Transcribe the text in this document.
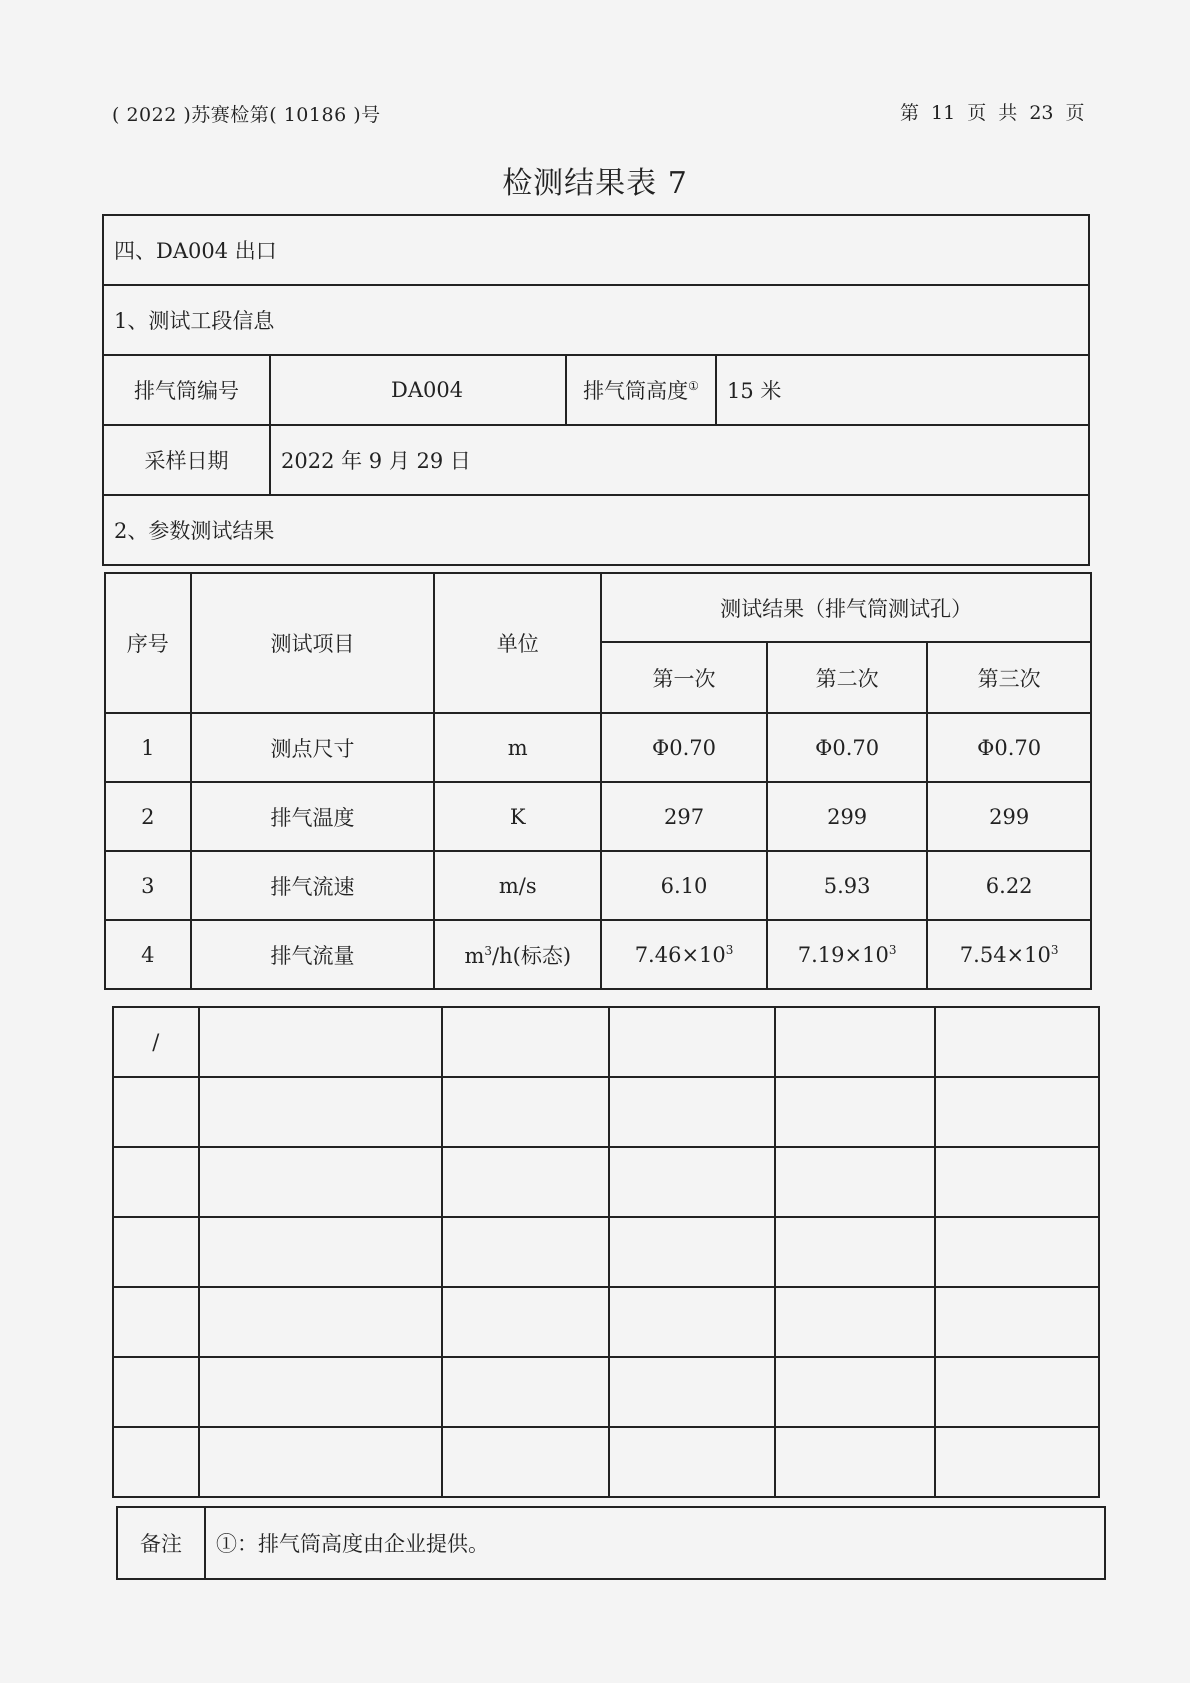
( 2022 )苏赛检第( 10186 )号	第 11 页 共 23 页
检测结果表 7
四、DA004 出口			
1、测试工段信息			
排气筒编号	DA004	排气筒高度①	15 米
采样日期	2022 年 9 月 29 日		
2、参数测试结果			
序号	测试项目	单位	测试结果（排气筒测试孔）		
			第一次	第二次	第三次
1	测点尺寸	m	Φ0.70	Φ0.70	Φ0.70
2	排气温度	K	297	299	299
3	排气流速	m/s	6.10	5.93	6.22
4	排气流量	$m^3/h$(标态)	$7.46\times 10^3$	$7.19\times 10^3$	$7.54\times 10^3$
/					

备注	①：排气筒高度由企业提供。
